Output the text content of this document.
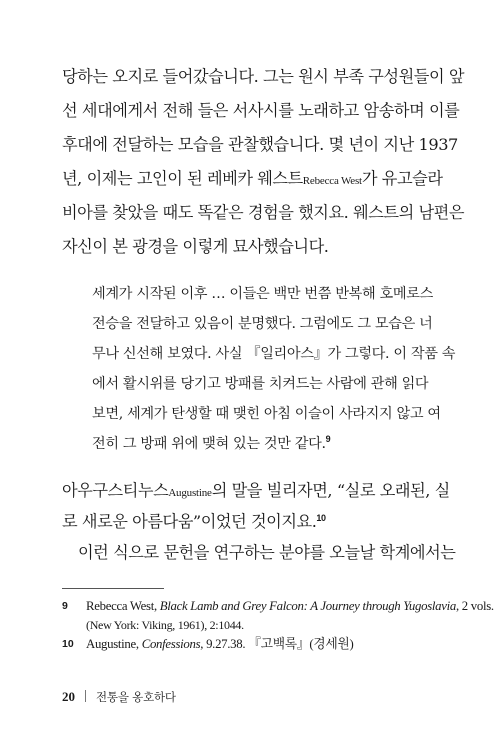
당하는 오지로 들어갔습니다. 그는 원시 부족 구성원들이 앞
선 세대에게서 전해 들은 서사시를 노래하고 암송하며 이를
후대에 전달하는 모습을 관찰했습니다. 몇 년이 지난 1937
년, 이제는 고인이 된 레베카 웨스트Rebecca West가 유고슬라
비아를 찾았을 때도 똑같은 경험을 했지요. 웨스트의 남편은
자신이 본 광경을 이렇게 묘사했습니다.
세계가 시작된 이후 … 이들은 백만 번쯤 반복해 호메로스
전승을 전달하고 있음이 분명했다. 그럼에도 그 모습은 너
무나 신선해 보였다. 사실 『일리아스』가 그렇다. 이 작품 속
에서 활시위를 당기고 방패를 치켜드는 사람에 관해 읽다
보면, 세계가 탄생할 때 맺힌 아침 이슬이 사라지지 않고 여
전히 그 방패 위에 맺혀 있는 것만 같다.$^9$
아우구스티누스Augustine의 말을 빌리자면, “실로 오래된, 실
로 새로운 아름다움”이었던 것이지요.$^{10}$
이런 식으로 문헌을 연구하는 분야를 오늘날 학계에서는
9 Rebecca West, Black Lamb and Grey Falcon: A Journey through Yugoslavia, 2 vols.
(New York: Viking, 1961), 2:1044.
10 Augustine, Confessions, 9.27.38. 『고백록』(경세원)
20 전통을 옹호하다
